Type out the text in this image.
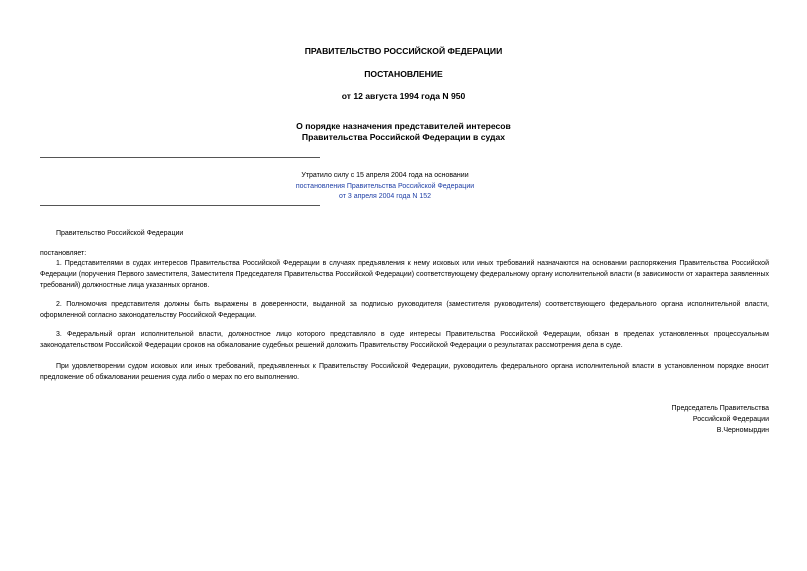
ПРАВИТЕЛЬСТВО РОССИЙСКОЙ ФЕДЕРАЦИИ
ПОСТАНОВЛЕНИЕ
от 12 августа 1994 года N 950
О порядке назначения представителей интересов
Правительства Российской Федерации в судах
Утратило силу с 15 апреля 2004 года на основании
постановления Правительства Российской Федерации
от 3 апреля 2004 года N 152
Правительство Российской Федерации
постановляет:
1. Представителями в судах интересов Правительства Российской Федерации в случаях предъявления к нему исковых или иных требований назначаются на основании распоряжения Правительства Российской Федерации (поручения Первого заместителя, Заместителя Председателя Правительства Российской Федерации) соответствующему федеральному органу исполнительной власти (в зависимости от характера заявленных требований) должностные лица указанных органов.
2. Полномочия представителя должны быть выражены в доверенности, выданной за подписью руководителя (заместителя руководителя) соответствующего федерального органа исполнительной власти, оформленной согласно законодательству Российской Федерации.
3. Федеральный орган исполнительной власти, должностное лицо которого представляло в суде интересы Правительства Российской Федерации, обязан в пределах установленных процессуальным законодательством Российской Федерации сроков на обжалование судебных решений доложить Правительству Российской Федерации о результатах рассмотрения дела в суде.
При удовлетворении судом исковых или иных требований, предъявленных к Правительству Российской Федерации, руководитель федерального органа исполнительной власти в установленном порядке вносит предложение об обжаловании решения суда либо о мерах по его выполнению.
Председатель Правительства
Российской Федерации
В.Черномырдин
